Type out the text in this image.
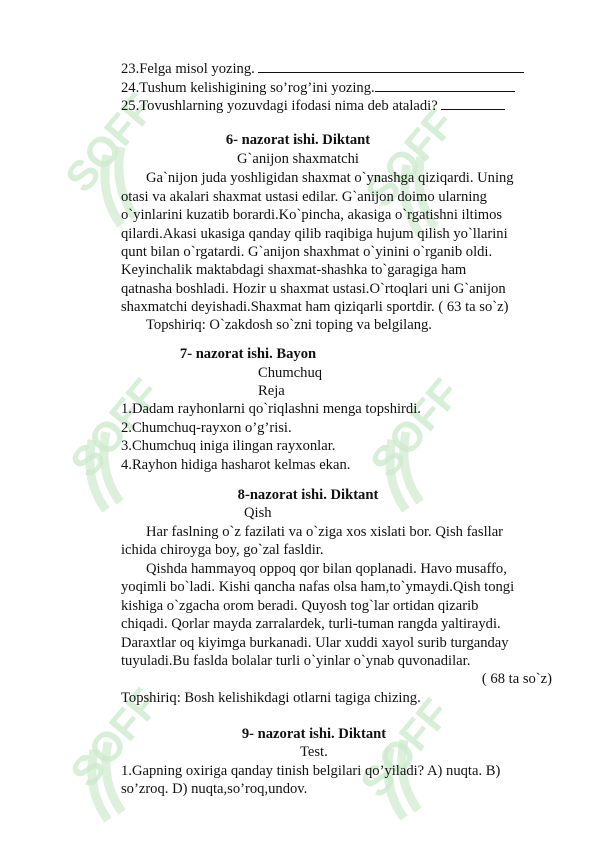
SOFF	SOFF
SOFF	SOFF
SOFF	SOFF
23.Felga misol yozing.
24.Tushum kelishigining so’rog’ini yozing.
25.Tovushlarning yozuvdagi ifodasi nima deb ataladi?
6- nazorat ishi. Diktant
G`anijon shaxmatchi
Ga`nijon juda yoshligidan shaxmat o`ynashga qiziqardi. Uning
otasi va akalari shaxmat ustasi edilar. G`anijon doimo ularning
o`yinlarini kuzatib borardi.Ko`pincha, akasiga o`rgatishni iltimos
qilardi.Akasi ukasiga qanday qilib raqibiga hujum qilish yo`llarini
qunt bilan o`rgatardi. G`anijon shaxhmat o`yinini o`rganib oldi.
Keyinchalik maktabdagi shaxmat-shashka to`garagiga ham
qatnasha boshladi. Hozir u shaxmat ustasi.O`rtoqlari uni G`anijon
shaxmatchi deyishadi.Shaxmat ham qiziqarli sportdir. ( 63 ta so`z)
Topshiriq: O`zakdosh so`zni toping va belgilang.
7- nazorat ishi. Bayon
Chumchuq
Reja
1.Dadam rayhonlarni qo`riqlashni menga topshirdi.
2.Chumchuq-rayxon o’g’risi.
3.Chumchuq iniga ilingan rayxonlar.
4.Rayhon hidiga hasharot kelmas ekan.
8-nazorat ishi. Diktant
Qish
Har faslning o`z fazilati va o`ziga xos xislati bor. Qish fasllar
ichida chiroyga boy, go`zal fasldir.
Qishda hammayoq oppoq qor bilan qoplanadi. Havo musaffo,
yoqimli bo`ladi. Kishi qancha nafas olsa ham,to`ymaydi.Qish tongi
kishiga o`zgacha orom beradi. Quyosh tog`lar ortidan qizarib
chiqadi. Qorlar mayda zarralardek, turli-tuman rangda yaltiraydi.
Daraxtlar oq kiyimga burkanadi. Ular xuddi xayol surib turganday
tuyuladi.Bu faslda bolalar turli o`yinlar o`ynab quvonadilar.
( 68 ta so`z)
Topshiriq: Bosh kelishikdagi otlarni tagiga chizing.
9- nazorat ishi. Diktant
Test.
1.Gapning oxiriga qanday tinish belgilari qo’yiladi? A) nuqta. B)
so’zroq. D) nuqta,so’roq,undov.
